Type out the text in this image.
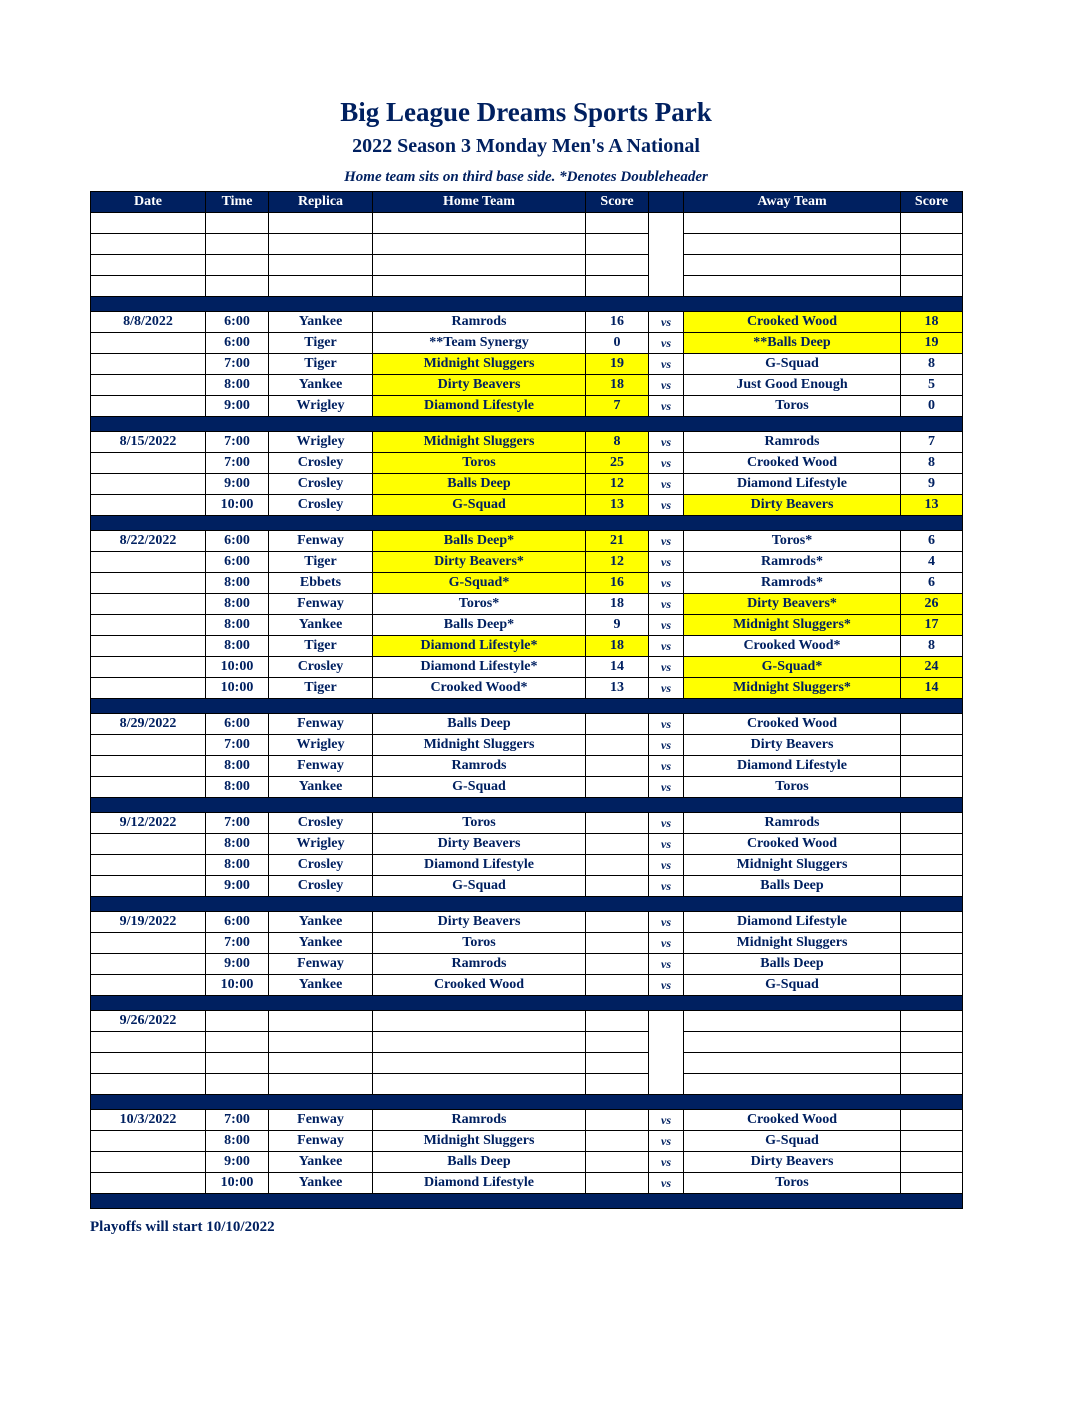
Big League Dreams Sports Park
2022 Season 3 Monday Men's A National
Home team sits on third base side. *Denotes Doubleheader
Date	Time	Replica	Home Team	Score		Away Team	Score

8/8/2022	6:00	Yankee	Ramrods	16	vs	Crooked Wood	18
	6:00	Tiger	**Team Synergy	0	vs	**Balls Deep	19
	7:00	Tiger	Midnight Sluggers	19	vs	G-Squad	8
	8:00	Yankee	Dirty Beavers	18	vs	Just Good Enough	5
	9:00	Wrigley	Diamond Lifestyle	7	vs	Toros	0

8/15/2022	7:00	Wrigley	Midnight Sluggers	8	vs	Ramrods	7
	7:00	Crosley	Toros	25	vs	Crooked Wood	8
	9:00	Crosley	Balls Deep	12	vs	Diamond Lifestyle	9
	10:00	Crosley	G-Squad	13	vs	Dirty Beavers	13

8/22/2022	6:00	Fenway	Balls Deep*	21	vs	Toros*	6
	6:00	Tiger	Dirty Beavers*	12	vs	Ramrods*	4
	8:00	Ebbets	G-Squad*	16	vs	Ramrods*	6
	8:00	Fenway	Toros*	18	vs	Dirty Beavers*	26
	8:00	Yankee	Balls Deep*	9	vs	Midnight Sluggers*	17
	8:00	Tiger	Diamond Lifestyle*	18	vs	Crooked Wood*	8
	10:00	Crosley	Diamond Lifestyle*	14	vs	G-Squad*	24
	10:00	Tiger	Crooked Wood*	13	vs	Midnight Sluggers*	14

8/29/2022	6:00	Fenway	Balls Deep		vs	Crooked Wood	
	7:00	Wrigley	Midnight Sluggers		vs	Dirty Beavers	
	8:00	Fenway	Ramrods		vs	Diamond Lifestyle	
	8:00	Yankee	G-Squad		vs	Toros	

9/12/2022	7:00	Crosley	Toros		vs	Ramrods	
	8:00	Wrigley	Dirty Beavers		vs	Crooked Wood	
	8:00	Crosley	Diamond Lifestyle		vs	Midnight Sluggers	
	9:00	Crosley	G-Squad		vs	Balls Deep	

9/19/2022	6:00	Yankee	Dirty Beavers		vs	Diamond Lifestyle	
	7:00	Yankee	Toros		vs	Midnight Sluggers	
	9:00	Fenway	Ramrods		vs	Balls Deep	
	10:00	Yankee	Crooked Wood		vs	G-Squad	

9/26/2022							

10/3/2022	7:00	Fenway	Ramrods		vs	Crooked Wood	
	8:00	Fenway	Midnight Sluggers		vs	G-Squad	
	9:00	Yankee	Balls Deep		vs	Dirty Beavers	
	10:00	Yankee	Diamond Lifestyle		vs	Toros	

Playoffs will start 10/10/2022
